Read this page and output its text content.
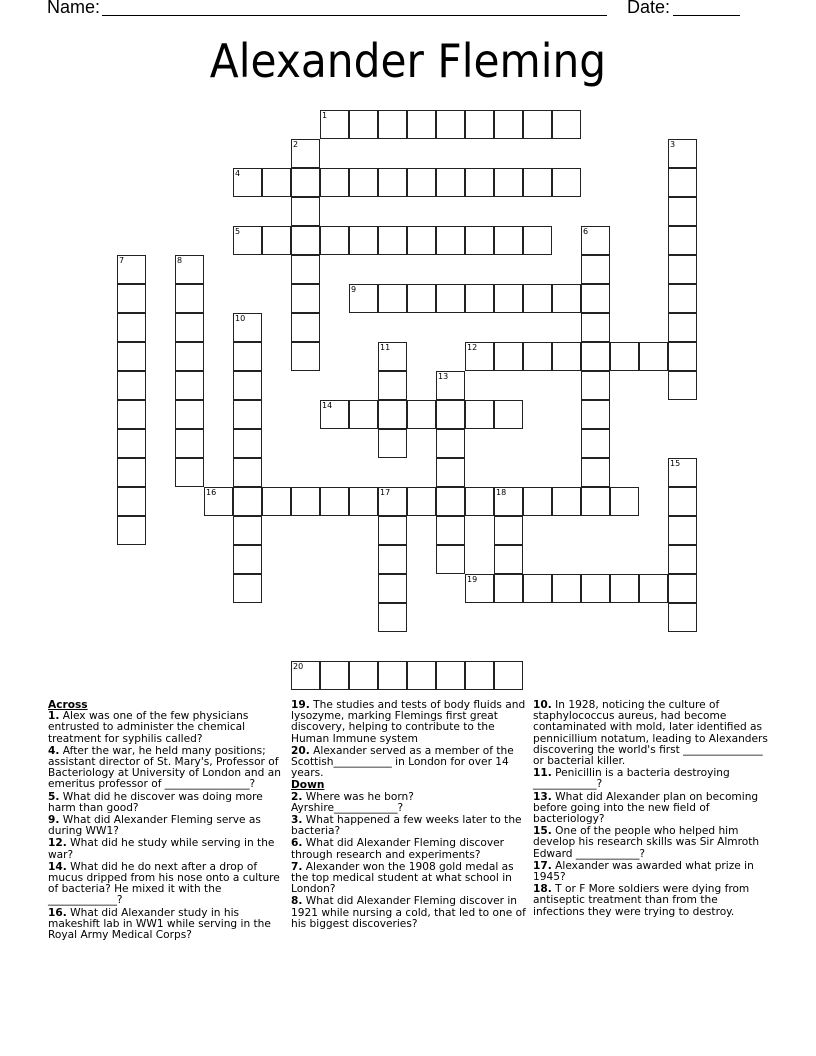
Name:	Date:
Alexander Fleming
1
2	3
4
5	6
7	8
9
10
11	12
13
14
15
16	17	18
19
20
Across
1. Alex was one of the few physicians entrusted to administer the chemical treatment for syphilis called?
4. After the war, he held many positions; assistant director of St. Mary's, Professor of Bacteriology at University of London and an emeritus professor of ________________?
5. What did he discover was doing more harm than good?
9. What did Alexander Fleming serve as during WW1?
12. What did he study while serving in the war?
14. What did he do next after a drop of mucus dripped from his nose onto a culture of bacteria? He mixed it with the _____________?
16. What did Alexander study in his makeshift lab in WW1 while serving in the Royal Army Medical Corps?
19. The studies and tests of body fluids and lysozyme, marking Flemings first great discovery, helping to contribute to the Human Immune system
20. Alexander served as a member of the Scottish___________ in London for over 14 years.
Down
2. Where was he born? Ayrshire____________?
3. What happened a few weeks later to the bacteria?
6. What did Alexander Fleming discover through research and experiments?
7. Alexander won the 1908 gold medal as the top medical student at what school in London?
8. What did Alexander Fleming discover in 1921 while nursing a cold, that led to one of his biggest discoveries?
10. In 1928, noticing the culture of staphylococcus aureus, had become contaminated with mold, later identified as pennicillium notatum, leading to Alexanders discovering the world's first _______________ or bacterial killer.
11. Penicillin is a bacteria destroying ____________?
13. What did Alexander plan on becoming before going into the new field of bacteriology?
15. One of the people who helped him develop his research skills was Sir Almroth Edward ____________?
17. Alexander was awarded what prize in 1945?
18. T or F More soldiers were dying from antiseptic treatment than from the infections they were trying to destroy.
